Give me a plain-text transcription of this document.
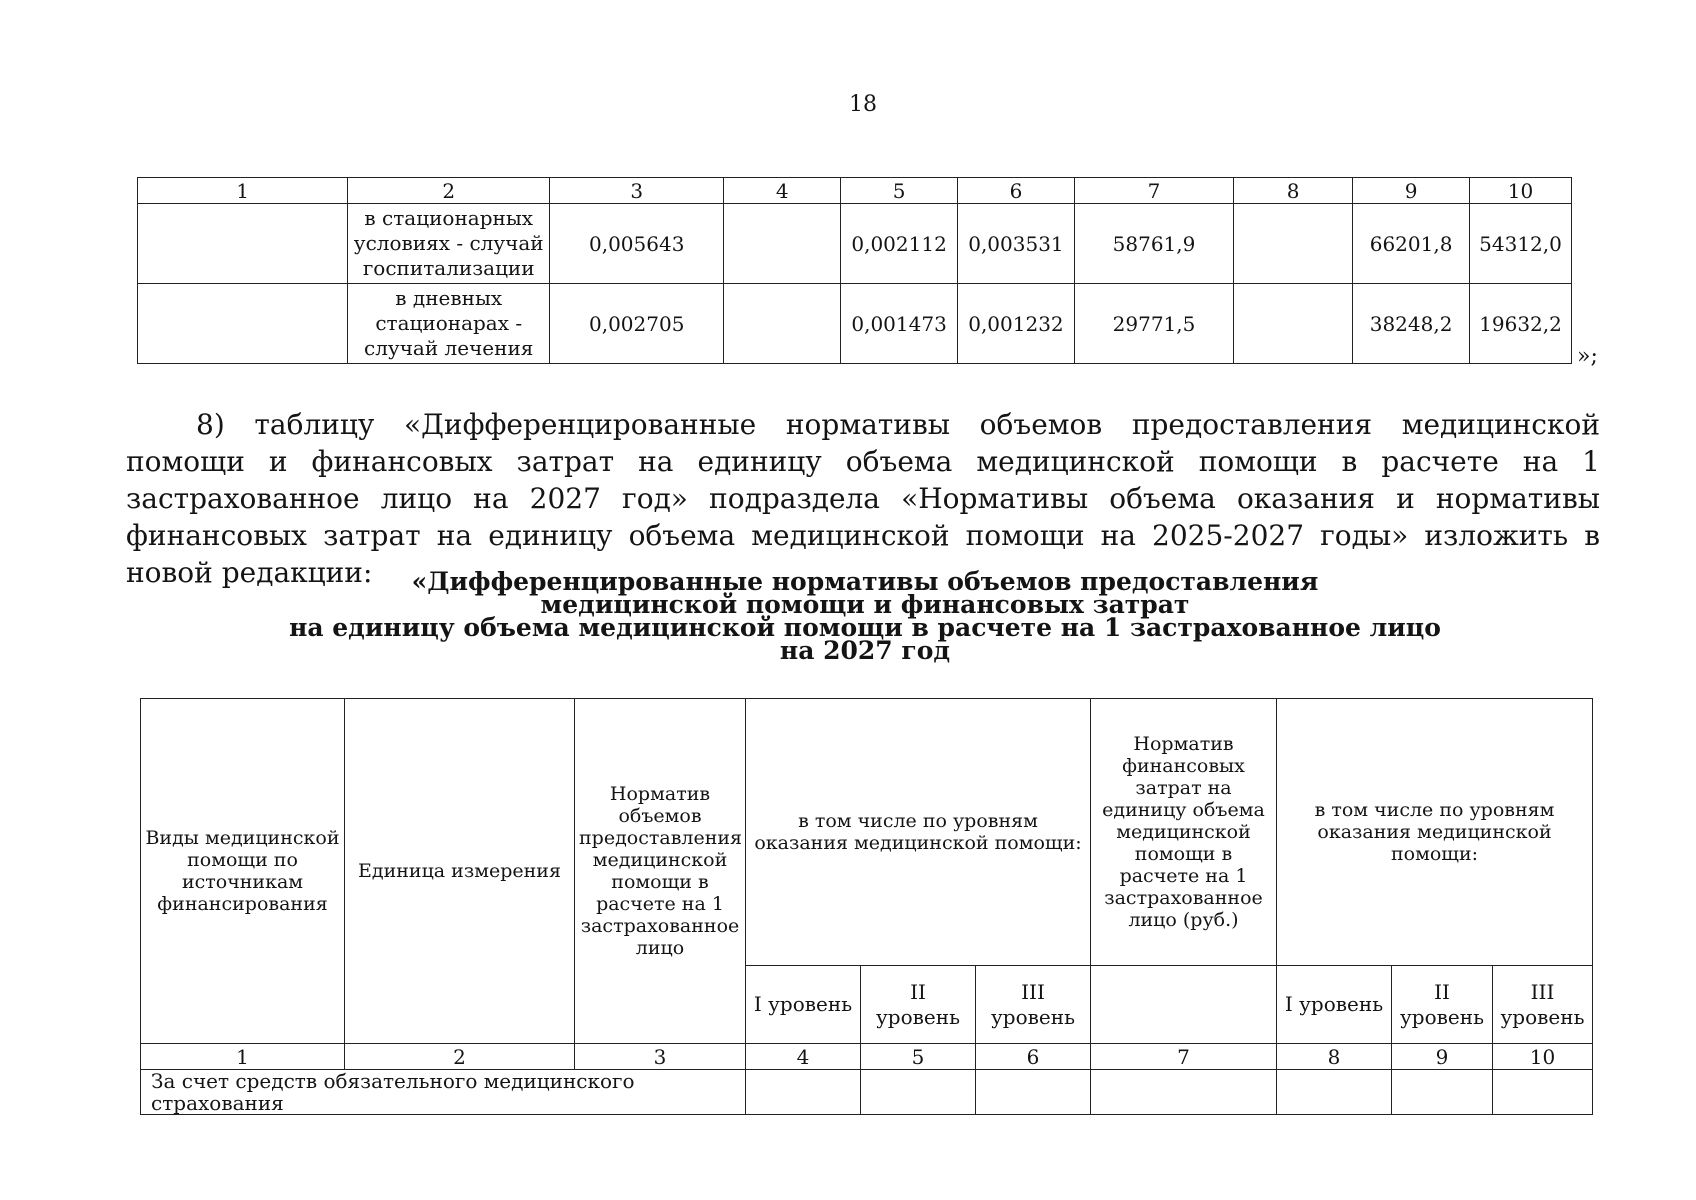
18
1	2	3	4	5	6	7	8	9	10
	в стационарных условиях - случай госпитализации	0,005643		0,002112	0,003531	58761,9		66201,8	54312,0
	в дневных стационарах - случай лечения	0,002705		0,001473	0,001232	29771,5		38248,2	19632,2
»;
8) таблицу «Дифференцированные нормативы объемов предоставления медицинской помощи и финансовых затрат на единицу объема медицинской помощи в расчете на 1 застрахованное лицо на 2027 год» подраздела «Нормативы объема оказания и нормативы финансовых затрат на единицу объема медицинской помощи на 2025-2027 годы» изложить в новой редакции:	«Дифференцированные нормативы объемов предоставления
медицинской помощи и финансовых затрат
на единицу объема медицинской помощи в расчете на 1 застрахованное лицо
на 2027 год
Виды медицинской помощи по источникам финансирования	Единица измерения	Норматив объемов предоставления медицинской помощи в расчете на 1 застрахованное лицо	в том числе по уровням оказания медицинской помощи:			Норматив финансовых затрат на единицу объема медицинской помощи в расчете на 1 застрахованное лицо (руб.)	в том числе по уровням оказания медицинской помощи:		
			I уровень	II уровень	III уровень		I уровень	II уровень	III уровень
1	2	3	4	5	6	7	8	9	10
За счет средств обязательного медицинского страхования									
